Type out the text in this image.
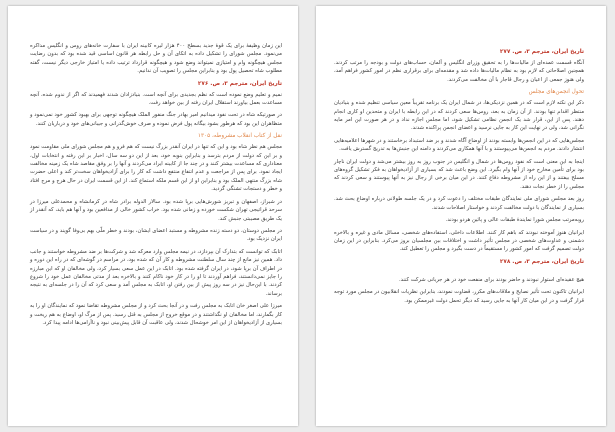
این زمان وظیفهٔ برای یک قوهٔ جدید بسطح ۴۰۰ هزار لیره کابینه ایران با سفارت خانه‌های روس و انگلیس مذاکره می‌نمود. مجلس شورای را تشکیل داده به اتکای آن و حل رابطه هر قانون اساسی قید شده بود که بدون رضایت مجلس هیچگونه وام و امتیازی نمیتواند وضع شود و هیچگونه قرارداد ترتیب داده یا امتیاز خارجی دیگر نیست، گفته مطلوب شاه تحصیل پول بود و بنابراین مجلس را تصویب آن ندانیم.

تاریخ ایران، مترجم ۳، ص. ۲۷۶

نمیم و تعلیم وضع نموده است که نظم بجدیدی برای آنچه است. بنیادزادان شدند فهمیدند که اگر از ندوم شده، آنچه مساعدت بعمل بیاورند استقلال ایران رفته از بین خواهد رفت.

در صورتیکه شاه در تحت نفوذ میدانیم امیر بهادر جنگ منفور الملک هیچگونه توجهی برای بهبود کشور خود نمی‌نمود و متظاهران این بود که هرطور بشود بیگانه پول فرض نموده و صرف خوش‌گذرانی و جیبانی‌های خود و درباریان کنند.

نقل از کتاب انقلاب مشروطه، ۱۳۰۵

مجلس هم نظر شاه بود و این که تنها در ایران آنقدر بزرگ نیست که هم فرو و هم مجلس شورای ملی مقاومت نمود و بر این که دولت از مردم بترسد و بنابراین بنوبه خود، بعد از این دو سه سال، اخبار بر این رفته و انتخابات اول، معناداری که مساعدت بیشتر کنند و در چند جا از کابینه ایراد می‌کردند و آنها را بر وفق مقاصد شاه یک زمینه مخالفت ایجاد نمود. برای پس از مراجعت و عدم انتفاع منتفع داشت که کار را برای آزادیخواهان سخت‌تر کند و اعلی حضرت شاه بزرگ منتهی الملک بود و بنابراین او از این قسم ملکه استماع کند. از این قسمت ایران در حال هرج و مرج افتاد و خطر و دستجات تشنگی گردید.

در شیراز، اصفهان و تبریز شورش‌هایی برپا شده بود. سالار الدوله برادر شاه در کرمانشاه و محمدعلی میرزا در سرحد قراتیجی تهران شکست خورده و زمانی شده بود. خراب کشور خالی از مدافعین بود و آنها هم باید، که آنقدر از یک طریق مصیبتی جنبش کند.

در مجلس دوستان، دو دسته زنده مشروطه و مستبد اعضای ایشان، بودند و خطر ملّی بهم بی‌وفا گویند و در سیاست ایران نزدیک بود.

اتابک که توانست که بتدارک آن بپردازد، در نیمه مجلس وارد معرکه شد و شرکت‌ها بر ضد مشروطه خواستند و جانب داد. همین نیز مانع از چند سال سلطنت مشروطه و کار آن که شده بود، در مراسم در گوشه‌ای که در راه این دوره و در اطراف آن برپا شود، در ایران گرفته شده بود. اتابک در این عمل سعی بسیار کرد، ولی مخالفان او که این مبارزه را جایز نمی‌دانستند، فراهم آوردند تا او را در کار خود ناکام کنند و بالاخره بعد از مدتی مخالفان عمل خود را شروع کردند. با این‌حال نیز در سه روز پیش از بین رفتن او، اتابک به مجلس آمد و سعی کرد که آن را در جلسه‌ای به نتیجه برساند.

میرزا علی اصغر خان اتابک به مجلس رفت و در آنجا بحث کرد و از مجلس مشروطه تقاضا نمود که نمایندگان او را به کار بگمارند، اما مخالفان او نگذاشتند و در موقع خروج از مجلس به قتل رسید. پس از مرگ او، اوضاع به هم ریخت و بسیاری از آزادیخواهان از این امر خوشحال شدند، ولی عاقبت آن قابل پیش‌بینی نبود و ناآرامی‌ها ادامه پیدا کرد.

تاریخ ایران، مترجم ۳، ص. ۲۷۷

آنگاه قسمت عمده‌ای از مالیات‌ها را به تحقیق وزرای انگلیس و آلمان، حساب‌های دولت و بودجه را مرتب کردند. همچنین اصلاحاتی که لازم بود به نظام مالیات‌ها داده شد و مقدمه‌ای برای برقراری نظم در امور کشور فراهم آمد، ولی هنوز جمعی از اعیان و رجال قاجار با آن مخالفت می‌کردند.

تحول انجمن‌های مجلس

ذکر این نکته لازم است که در همین نزدیکی‌ها، در شمال ایران یک برنامه تقریباً معین سیاسی تنظیم شده و بنیادیان منتظر اقدام تنها بودند. از آن زمان به بعد، روس‌ها سعی کردند که در این رابطه با ایران و متحدین او کاری انجام دهند. پس از این، قرار شد یک انجمن نظامی تشکیل شود، اما مجلس اجازه نداد و در هر صورت این امر مایه نگرانی شد، ولی در نهایت این کار به جایی نرسید و اعضای انجمن پراکنده شدند.

مجلس‌هایی که در این انجمن‌ها وابسته بودند از اوضاع آگاه شدند و بر ضد استبداد برخاستند و در شهرها اعلامیه‌هایی انتشار دادند. مردم به انجمن‌ها می‌پیوستند و با آنها همکاری می‌کردند و دامنه این جنبش‌ها به تدریج گسترش یافت.

اینجا به این معنی است که نفوذ روس‌ها در شمال و انگلیس در جنوب روز به روز بیشتر می‌شد و دولت ایران ناچار بود برای تأمین مخارج خود از آنها وام بگیرد. این وضع باعث شد که بسیاری از آزادیخواهان به فکر تشکیل گروه‌های مسلح بیفتند و از این راه از مشروطه دفاع کنند. در این میان برخی از رجال نیز به آنها پیوستند و سعی کردند که مجلس را از خطر نجات دهند.

روز بعد مجلس شورای ملی نمایندگان طبقات مختلف را دعوت کرد و در یک جلسه طولانی درباره اوضاع بحث شد. بسیاری از نمایندگان با دولت مخالفت کردند و خواستار اصلاحات شدند.

روبه‌مرتب مجلس شورا نمایندهٔ طبقات عالی و پائین هردو بودند.

ایرانیان هنوز آموخته نبودند که باهم کار کنند. اطلاعات داخلی، استفاده‌های شخصی، مسائل مادی و غیره و بالاخره دشمنی و عداوت‌های شخصی در مجلس تأثیر داشت و اختلافات بین مجلسیان بروز می‌کرد. بنابراین در این زمان دولت تصمیم گرفت که امور کشور را مستقیماً در دست بگیرد و مجلس را تعطیل کند.

تاریخ ایران، مترجم ۳، ص. ۲۷۸

هیچ عقیده‌ای استوار نبودند و حاضر بودند برای منفعت خود در هر جریانی شرکت کنند.

ایرانیان تاکنون تحت تأثیر نصایح و ملاقات‌های مکرر، قضاوت نمودند، بنابراین نظریات انقلابیون در مجلس مورد توجه قرار گرفت و در این میان کار آنها به جایی رسید که دیگر تحمل دولت غیرممکن بود.
